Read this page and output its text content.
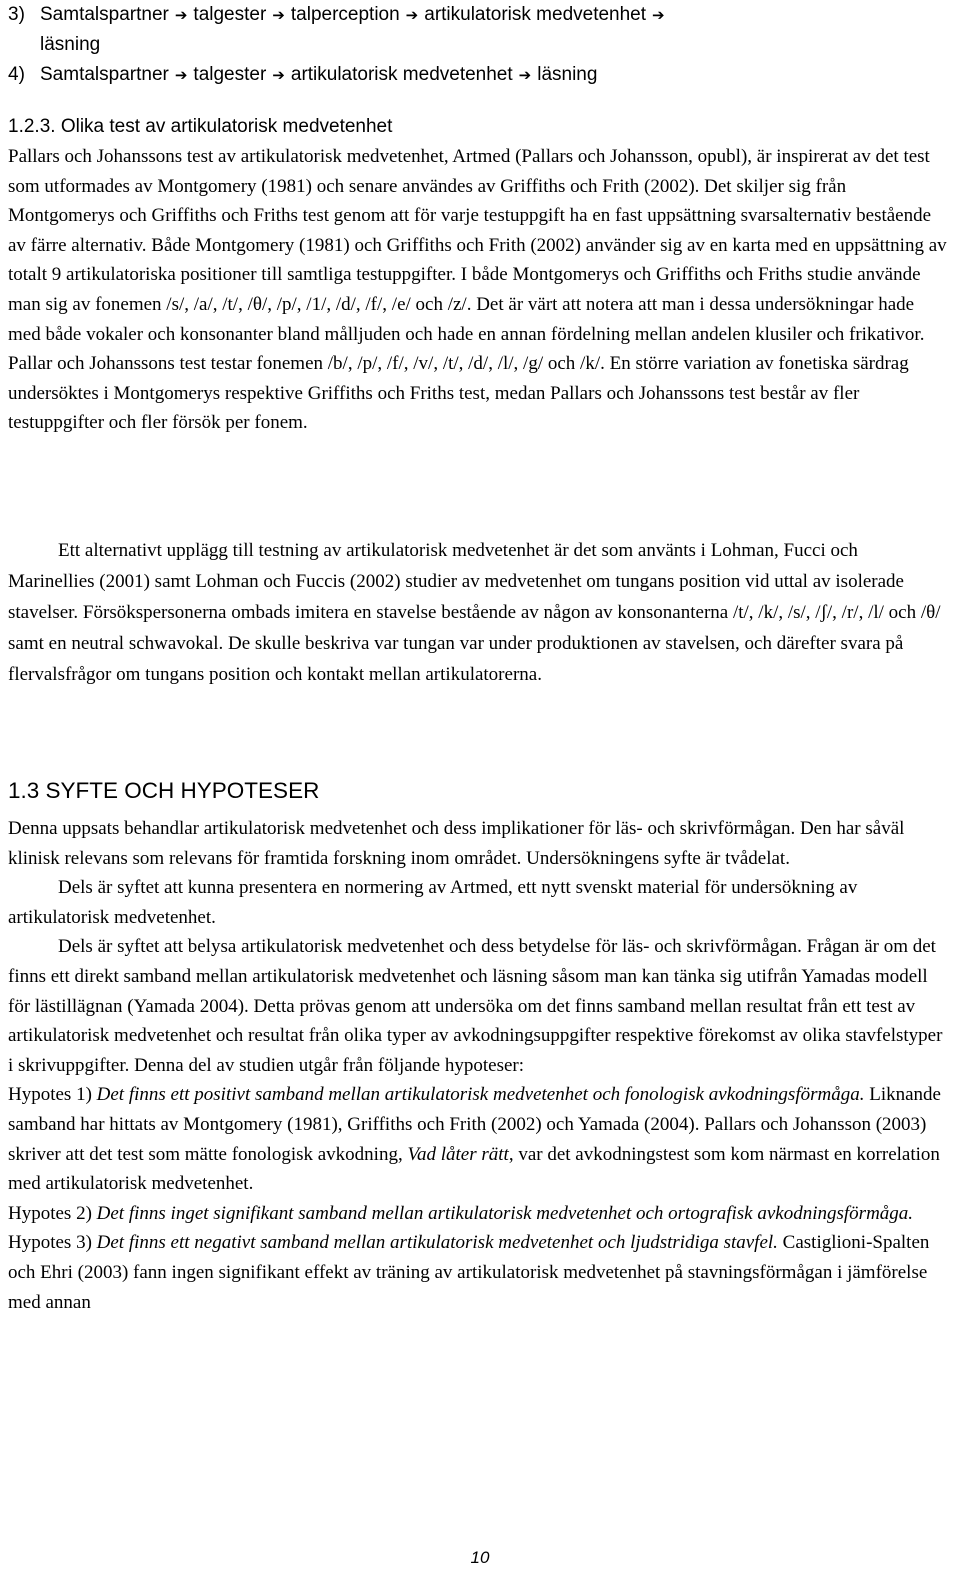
3) Samtalspartner ➔ talgester ➔ talperception ➔ artikulatorisk medvetenhet ➔
läsning
4) Samtalspartner ➔ talgester ➔ artikulatorisk medvetenhet ➔ läsning
1.2.3. Olika test av artikulatorisk medvetenhet
Pallars och Johanssons test av artikulatorisk medvetenhet, Artmed (Pallars och Johansson, opubl), är inspirerat av det test som utformades av Montgomery (1981) och senare användes av Griffiths och Frith (2002). Det skiljer sig från Montgomerys och Griffiths och Friths test genom att för varje testuppgift ha en fast uppsättning svarsalternativ bestående av färre alternativ. Både Montgomery (1981) och Griffiths och Frith (2002) använder sig av en karta med en uppsättning av totalt 9 artikulatoriska positioner till samtliga testuppgifter. I både Montgomerys och Griffiths och Friths studie använde man sig av fonemen /s/, /a/, /t/, /θ/, /p/, /1/, /d/, /f/, /e/ och /z/. Det är värt att notera att man i dessa undersökningar hade med både vokaler och konsonanter bland målljuden och hade en annan fördelning mellan andelen klusiler och frikativor. Pallar och Johanssons test testar fonemen /b/, /p/, /f/, /v/, /t/, /d/, /l/, /g/ och /k/. En större variation av fonetiska särdrag undersöktes i Montgomerys respektive Griffiths och Friths test, medan Pallars och Johanssons test består av fler testuppgifter och fler försök per fonem.
Ett alternativt upplägg till testning av artikulatorisk medvetenhet är det som använts i Lohman, Fucci och Marinellies (2001) samt Lohman och Fuccis (2002) studier av medvetenhet om tungans position vid uttal av isolerade stavelser. Försökspersonerna ombads imitera en stavelse bestående av någon av konsonanterna /t/, /k/, /s/, /ʃ/, /r/, /l/ och /θ/ samt en neutral schwavokal. De skulle beskriva var tungan var under produktionen av stavelsen, och därefter svara på flervalsfrågor om tungans position och kontakt mellan artikulatorerna.
1.3 SYFTE OCH HYPOTESER

Denna uppsats behandlar artikulatorisk medvetenhet och dess implikationer för läs- och skrivförmågan. Den har såväl klinisk relevans som relevans för framtida forskning inom området. Undersökningens syfte är tvådelat.

Dels är syftet att kunna presentera en normering av Artmed, ett nytt svenskt material för undersökning av artikulatorisk medvetenhet.

Dels är syftet att belysa artikulatorisk medvetenhet och dess betydelse för läs- och skrivförmågan. Frågan är om det finns ett direkt samband mellan artikulatorisk medvetenhet och läsning såsom man kan tänka sig utifrån Yamadas modell för lästillägnan (Yamada 2004). Detta prövas genom att undersöka om det finns samband mellan resultat från ett test av artikulatorisk medvetenhet och resultat från olika typer av avkodningsuppgifter respektive förekomst av olika stavfelstyper i skrivuppgifter. Denna del av studien utgår från följande hypoteser:

Hypotes 1) Det finns ett positivt samband mellan artikulatorisk medvetenhet och fonologisk avkodningsförmåga. Liknande samband har hittats av Montgomery (1981), Griffiths och Frith (2002) och Yamada (2004). Pallars och Johansson (2003) skriver att det test som mätte fonologisk avkodning, Vad låter rätt, var det avkodningstest som kom närmast en korrelation med artikulatorisk medvetenhet.

Hypotes 2) Det finns inget signifikant samband mellan artikulatorisk medvetenhet och ortografisk avkodningsförmåga.

Hypotes 3) Det finns ett negativt samband mellan artikulatorisk medvetenhet och ljudstridiga stavfel. Castiglioni-Spalten och Ehri (2003) fann ingen signifikant effekt av träning av artikulatorisk medvetenhet på stavningsförmågan i jämförelse med annan

10
